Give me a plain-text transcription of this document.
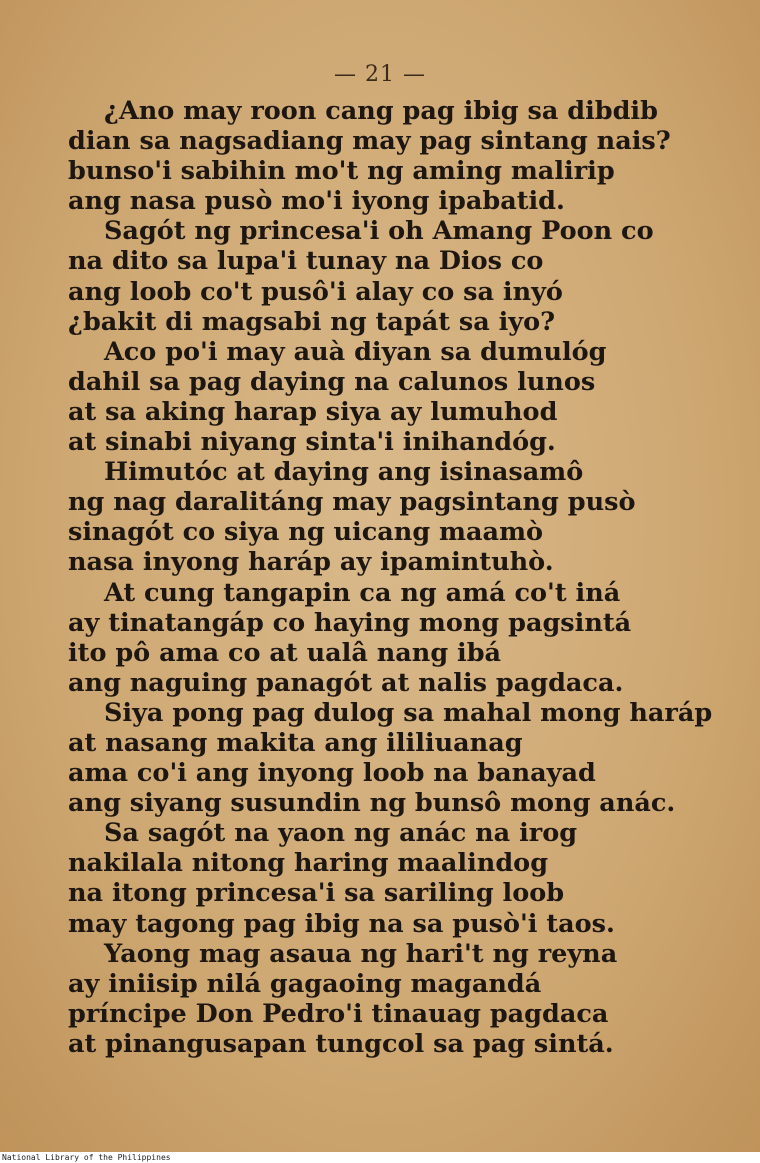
— 21 —
¿Ano may roon cang pag ibig sa dibdib
dian sa nagsadiang may pag sintang nais?
bunso'i sabihin mo't ng aming malirip
ang nasa pusò mo'i iyong ipabatid.
Sagót ng princesa'i oh Amang Poon co
na dito sa lupa'i tunay na Dios co
ang loob co't pusô'i alay co sa inyó
¿bakit di magsabi ng tapát sa iyo?
Aco po'i may auà diyan sa dumulóg
dahil sa pag daying na calunos lunos
at sa aking harap siya ay lumuhod
at sinabi niyang sinta'i inihandóg.
Himutóc at daying ang isinasamô
ng nag daralitáng may pagsintang pusò
sinagót co siya ng uicang maamò
nasa inyong haráp ay ipamintuhò.
At cung tangapin ca ng amá co't iná
ay tinatangáp co haying mong pagsintá
ito pô ama co at ualâ nang ibá
ang naguing panagót at nalis pagdaca.
Siya pong pag dulog sa mahal mong haráp
at nasang makita ang ililiuanag
ama co'i ang inyong loob na banayad
ang siyang susundin ng bunsô mong anác.
Sa sagót na yaon ng anác na irog
nakilala nitong haring maalindog
na itong princesa'i sa sariling loob
may tagong pag ibig na sa pusò'i taos.
Yaong mag asaua ng hari't ng reyna
ay iniisip nilá gagaoing magandá
príncipe Don Pedro'i tinauag pagdaca
at pinangusapan tungcol sa pag sintá.
National Library of the Philippines
